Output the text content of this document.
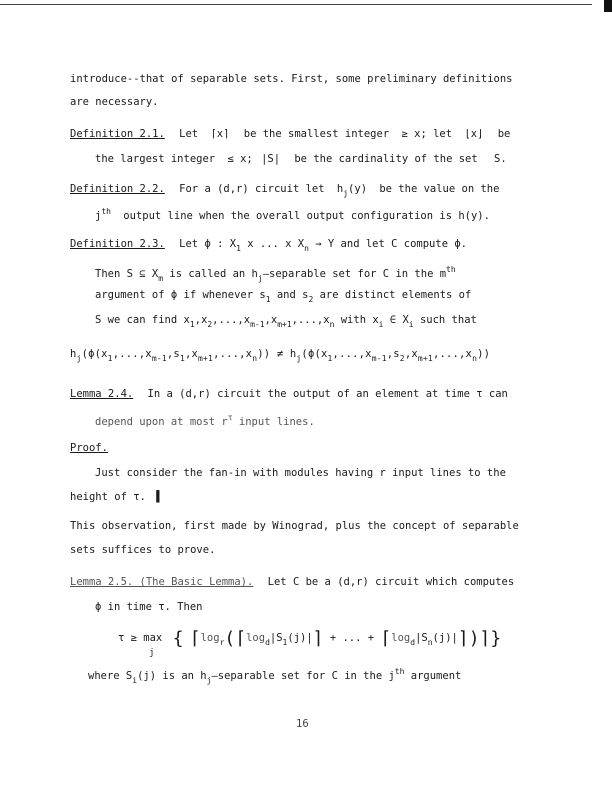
introduce--that of separable sets. First, some preliminary definitions
are necessary.
Definition 2.1. Let ⌈x⌉ be the smallest integer ≥ x; let ⌊x⌋ be
the largest integer ≤ x; |S| be the cardinality of the set S.
Definition 2.2. For a (d,r) circuit let $h_j(y)$ be the value on the
$j^{th}$ output line when the overall output configuration is h(y).
Definition 2.3. Let ϕ : $X_1$ x ... x $X_n \to Y$ and let C compute ϕ.
Then S ⊆ $X_m$ is called an $h_j—separable$ set for C in the $m^{th}$
argument of ϕ if whenever $s_1$ and $s_2$ are distinct elements of
S we can find $x_1,x_2,...,x_{m-1},x_{m+1},...,x_n$ with $x_i$ ∈ $X_i$ such that
$h_j(\phi(x_1,...,x_{m-1},s_1,x_{m+1},...,x_n)) \ne h_j(\phi(x_1,...,x_{m-1},s_2,x_{m+1},...,x_n))$
Lemma 2.4. In a (d,r) circuit the output of an element at time τ can
depend upon at most $r^\tau$ input lines.
Proof.
Just consider the fan-in with modules having r input lines to the
height of τ. ▌
This observation, first made by Winograd, plus the concept of separable
sets suffices to prove.
Lemma 2.5. (The Basic Lemma). Let C be a (d,r) circuit which computes
ϕ in time τ. Then
τ ≥ max { $⌈\log_r(⌈\log_d|S_1(j)|⌉$ + ... + $⌈\log_d|S_n(j)|⌉)⌉$}
j
where $S_i(j)$ is an $h_j—separable$ set for C in the $j^{th}$ argument
16
